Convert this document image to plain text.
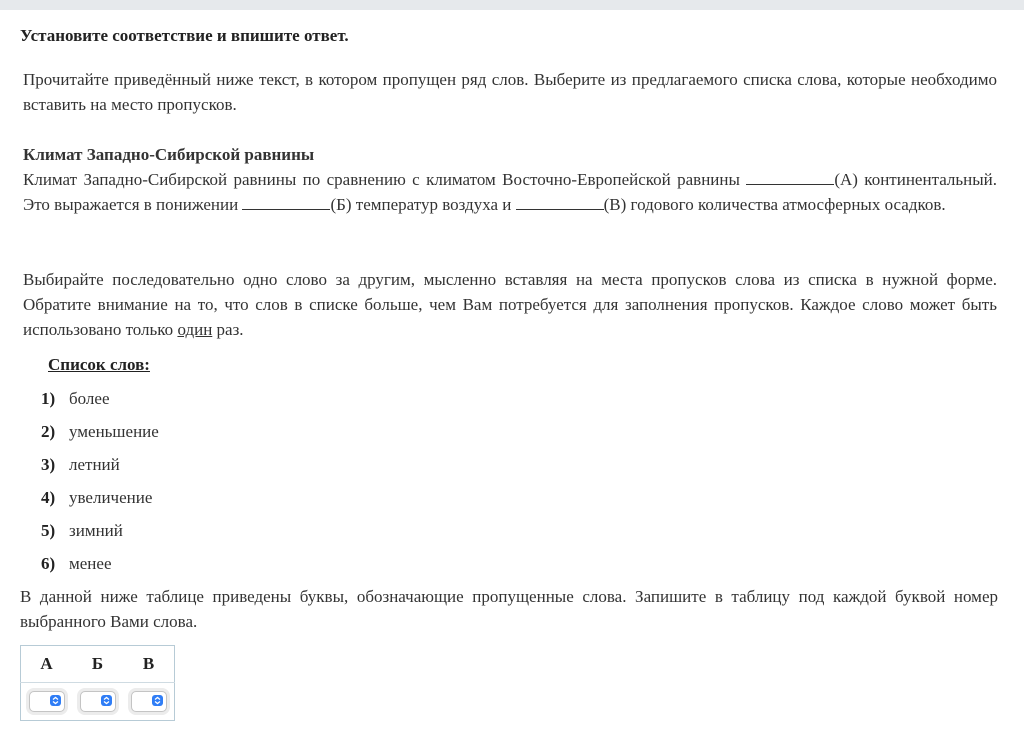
Установите соответствие и впишите ответ.
Прочитайте приведённый ниже текст, в котором пропущен ряд слов. Выберите из предлагаемого списка слова, которые необходимо вставить на место пропусков.
Климат Западно-Сибирской равнины
Климат Западно-Сибирской равнины по сравнению с климатом Восточно-Европейской равнины	(А) континентальный. Это выражается в понижении	(Б) температур воздуха и	(В) годового количества атмосферных осадков.
Выбирайте последовательно одно слово за другим, мысленно вставляя на места пропусков слова из списка в нужной форме. Обратите внимание на то, что слов в списке больше, чем Вам потребуется для заполнения пропусков. Каждое слово может быть использовано только один раз.
Список слов:
1) более
2) уменьшение
3) летний
4) увеличение
5) зимний
6) менее
В данной ниже таблице приведены буквы, обозначающие пропущенные слова. Запишите в таблицу под каждой буквой номер выбранного Вами слова.
А	Б	В
